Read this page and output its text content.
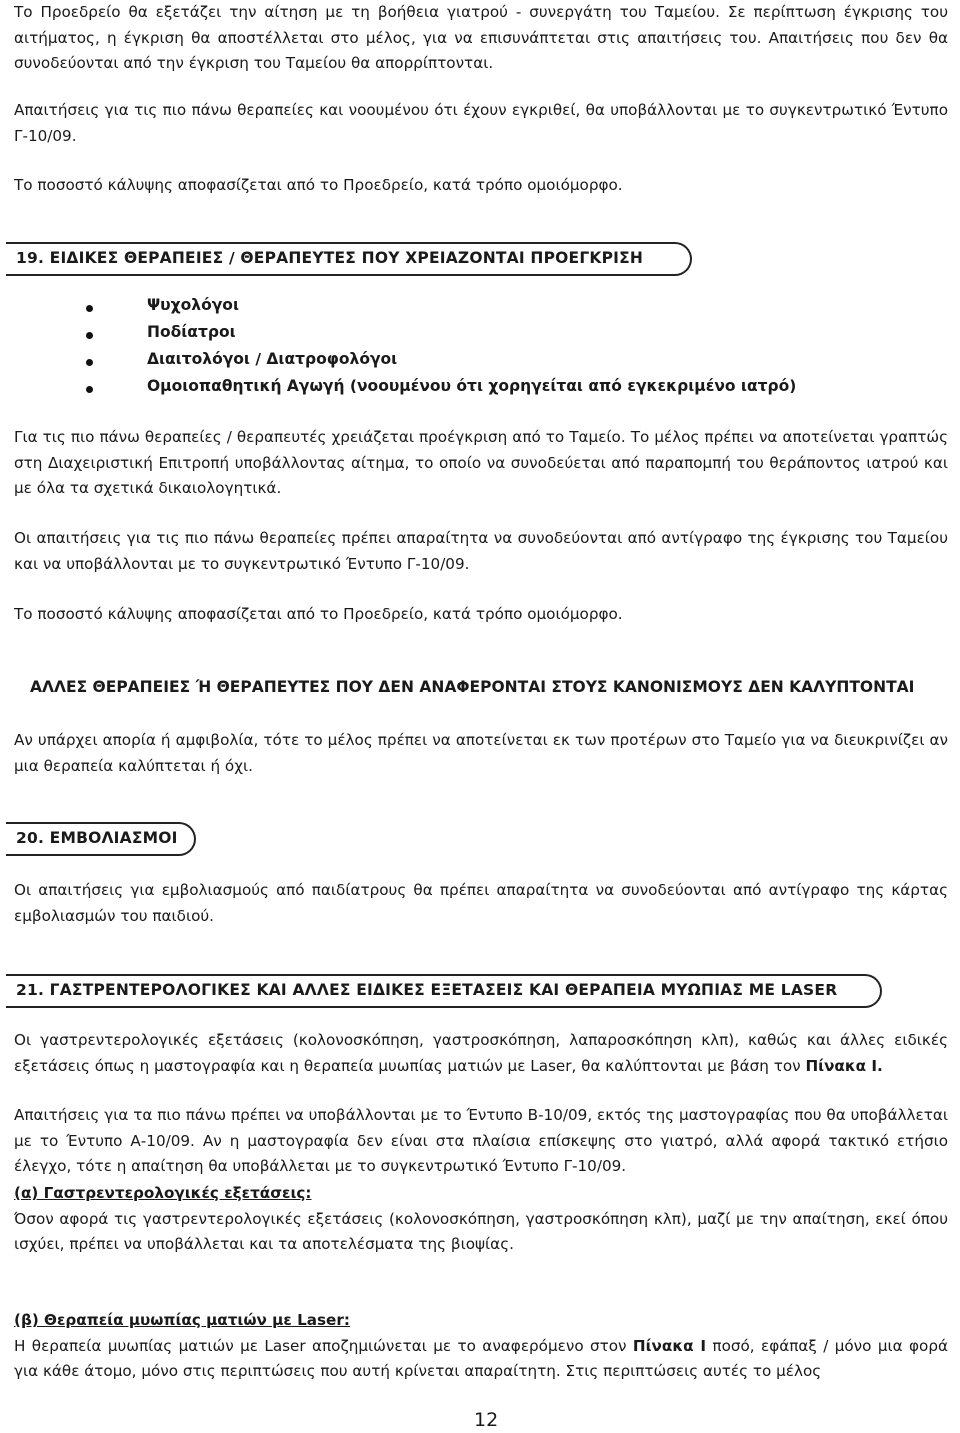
Το Προεδρείο θα εξετάζει την αίτηση με τη βοήθεια γιατρού - συνεργάτη του Ταμείου. Σε περίπτωση έγκρισης του αιτήματος, η έγκριση θα αποστέλλεται στο μέλος, για να επισυνάπτεται στις απαιτήσεις του. Απαιτήσεις που δεν θα συνοδεύονται από την έγκριση του Ταμείου θα απορρίπτονται.

Απαιτήσεις για τις πιο πάνω θεραπείες και νοουμένου ότι έχουν εγκριθεί, θα υποβάλλονται με το συγκεντρωτικό Έντυπο Γ-10/09.

Το ποσοστό κάλυψης αποφασίζεται από το Προεδρείο, κατά τρόπο ομοιόμορφο.

19. ΕΙΔΙΚΕΣ ΘΕΡΑΠΕΙΕΣ / ΘΕΡΑΠΕΥΤΕΣ ΠΟΥ ΧΡΕΙΑΖΟΝΤΑΙ ΠΡΟΕΓΚΡΙΣΗ
Ψυχολόγοι
Ποδίατροι
Διαιτολόγοι / Διατροφολόγοι
Ομοιοπαθητική Αγωγή (νοουμένου ότι χορηγείται από εγκεκριμένο ιατρό)

Για τις πιο πάνω θεραπείες / θεραπευτές χρειάζεται προέγκριση από το Ταμείο. Το μέλος πρέπει να αποτείνεται γραπτώς στη Διαχειριστική Επιτροπή υποβάλλοντας αίτημα, το οποίο να συνοδεύεται από παραπομπή του θεράποντος ιατρού και με όλα τα σχετικά δικαιολογητικά.

Οι απαιτήσεις για τις πιο πάνω θεραπείες πρέπει απαραίτητα να συνοδεύονται από αντίγραφο της έγκρισης του Ταμείου και να υποβάλλονται με το συγκεντρωτικό Έντυπο Γ-10/09.

Το ποσοστό κάλυψης αποφασίζεται από το Προεδρείο, κατά τρόπο ομοιόμορφο.

ΑΛΛΕΣ ΘΕΡΑΠΕΙΕΣ Ή ΘΕΡΑΠΕΥΤΕΣ ΠΟΥ ΔΕΝ ΑΝΑΦΕΡΟΝΤΑΙ ΣΤΟΥΣ ΚΑΝΟΝΙΣΜΟΥΣ ΔΕΝ ΚΑΛΥΠΤΟΝΤΑΙ

Αν υπάρχει απορία ή αμφιβολία, τότε το μέλος πρέπει να αποτείνεται εκ των προτέρων στο Ταμείο για να διευκρινίζει αν μια θεραπεία καλύπτεται ή όχι.

20. ΕΜΒΟΛΙΑΣΜΟΙ

Οι απαιτήσεις για εμβολιασμούς από παιδίατρους θα πρέπει απαραίτητα να συνοδεύονται από αντίγραφο της κάρτας εμβολιασμών του παιδιού.

21. ΓΑΣΤΡΕΝΤΕΡΟΛΟΓΙΚΕΣ ΚΑΙ ΑΛΛΕΣ ΕΙΔΙΚΕΣ ΕΞΕΤΑΣΕΙΣ ΚΑΙ ΘΕΡΑΠΕΙΑ ΜΥΩΠΙΑΣ ΜΕ LASER

Οι γαστρεντερολογικές εξετάσεις (κολονοσκόπηση, γαστροσκόπηση, λαπαροσκόπηση κλπ), καθώς και άλλες ειδικές εξετάσεις όπως η μαστογραφία και η θεραπεία μυωπίας ματιών με Laser, θα καλύπτονται με βάση τον Πίνακα Ι.

Απαιτήσεις για τα πιο πάνω πρέπει να υποβάλλονται με το Έντυπο Β-10/09, εκτός της μαστογραφίας που θα υποβάλλεται με το Έντυπο Α-10/09. Αν η μαστογραφία δεν είναι στα πλαίσια επίσκεψης στο γιατρό, αλλά αφορά τακτικό ετήσιο έλεγχο, τότε η απαίτηση θα υποβάλλεται με το συγκεντρωτικό Έντυπο Γ-10/09.

(α) Γαστρεντερολογικές εξετάσεις:
Όσον αφορά τις γαστρεντερολογικές εξετάσεις (κολονοσκόπηση, γαστροσκόπηση κλπ), μαζί με την απαίτηση, εκεί όπου ισχύει, πρέπει να υποβάλλεται και τα αποτελέσματα της βιοψίας.

(β) Θεραπεία μυωπίας ματιών με Laser:
Η θεραπεία μυωπίας ματιών με Laser αποζημιώνεται με το αναφερόμενο στον Πίνακα Ι ποσό, εφάπαξ / μόνο μια φορά για κάθε άτομο, μόνο στις περιπτώσεις που αυτή κρίνεται απαραίτητη. Στις περιπτώσεις αυτές το μέλος

12
